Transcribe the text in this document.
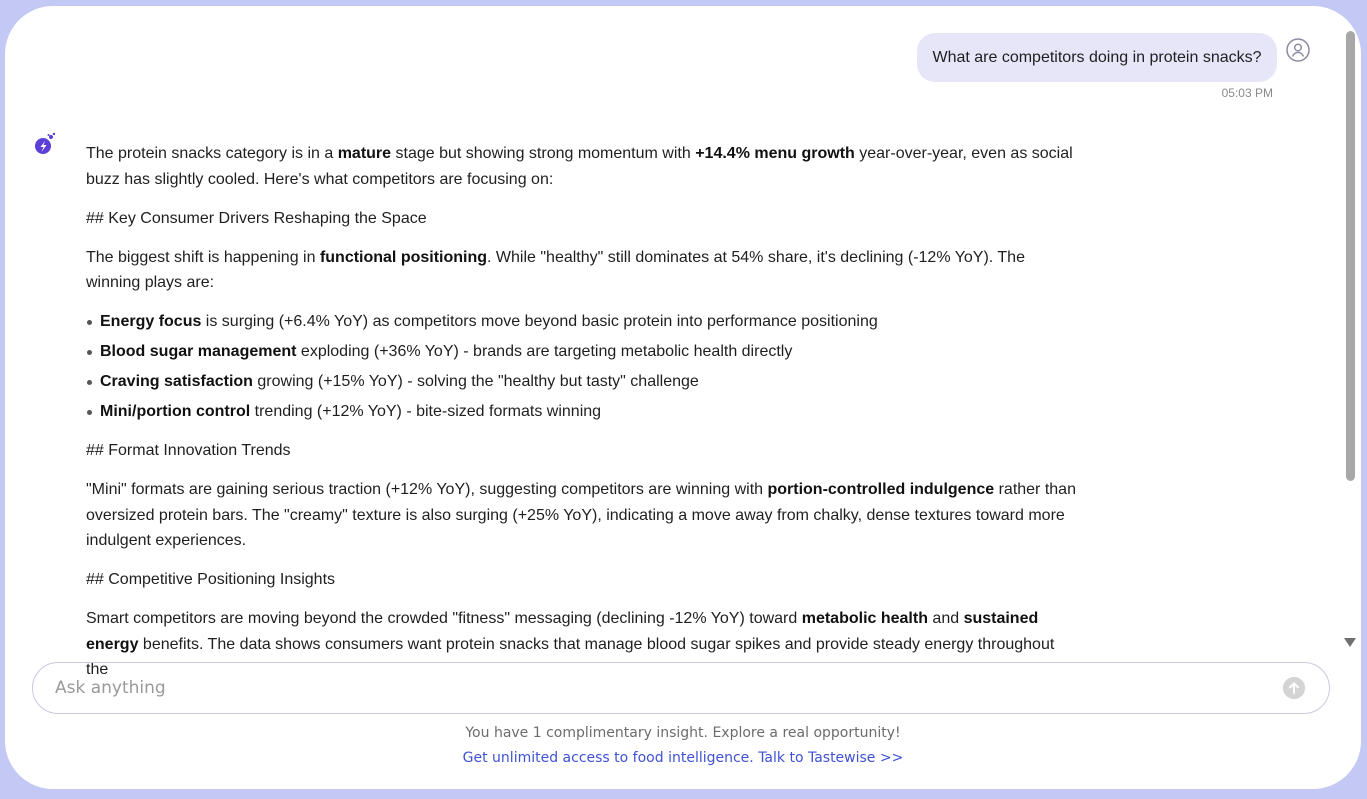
What are competitors doing in protein snacks?
05:03 PM

The protein snacks category is in a mature stage but showing strong momentum with +14.4% menu growth year-over-year, even as social buzz has slightly cooled. Here's what competitors are focusing on:

## Key Consumer Drivers Reshaping the Space

The biggest shift is happening in functional positioning. While "healthy" still dominates at 54% share, it's declining (-12% YoY). The winning plays are:

Energy focus is surging (+6.4% YoY) as competitors move beyond basic protein into performance positioning
Blood sugar management exploding (+36% YoY) - brands are targeting metabolic health directly
Craving satisfaction growing (+15% YoY) - solving the "healthy but tasty" challenge
Mini/portion control trending (+12% YoY) - bite-sized formats winning

## Format Innovation Trends

"Mini" formats are gaining serious traction (+12% YoY), suggesting competitors are winning with portion-controlled indulgence rather than oversized protein bars. The "creamy" texture is also surging (+25% YoY), indicating a move away from chalky, dense textures toward more indulgent experiences.

## Competitive Positioning Insights

Smart competitors are moving beyond the crowded "fitness" messaging (declining -12% YoY) toward metabolic health and sustained energy benefits. The data shows consumers want protein snacks that manage blood sugar spikes and provide steady energy throughout the

Ask anything
You have 1 complimentary insight. Explore a real opportunity!
Get unlimited access to food intelligence. Talk to Tastewise >>
